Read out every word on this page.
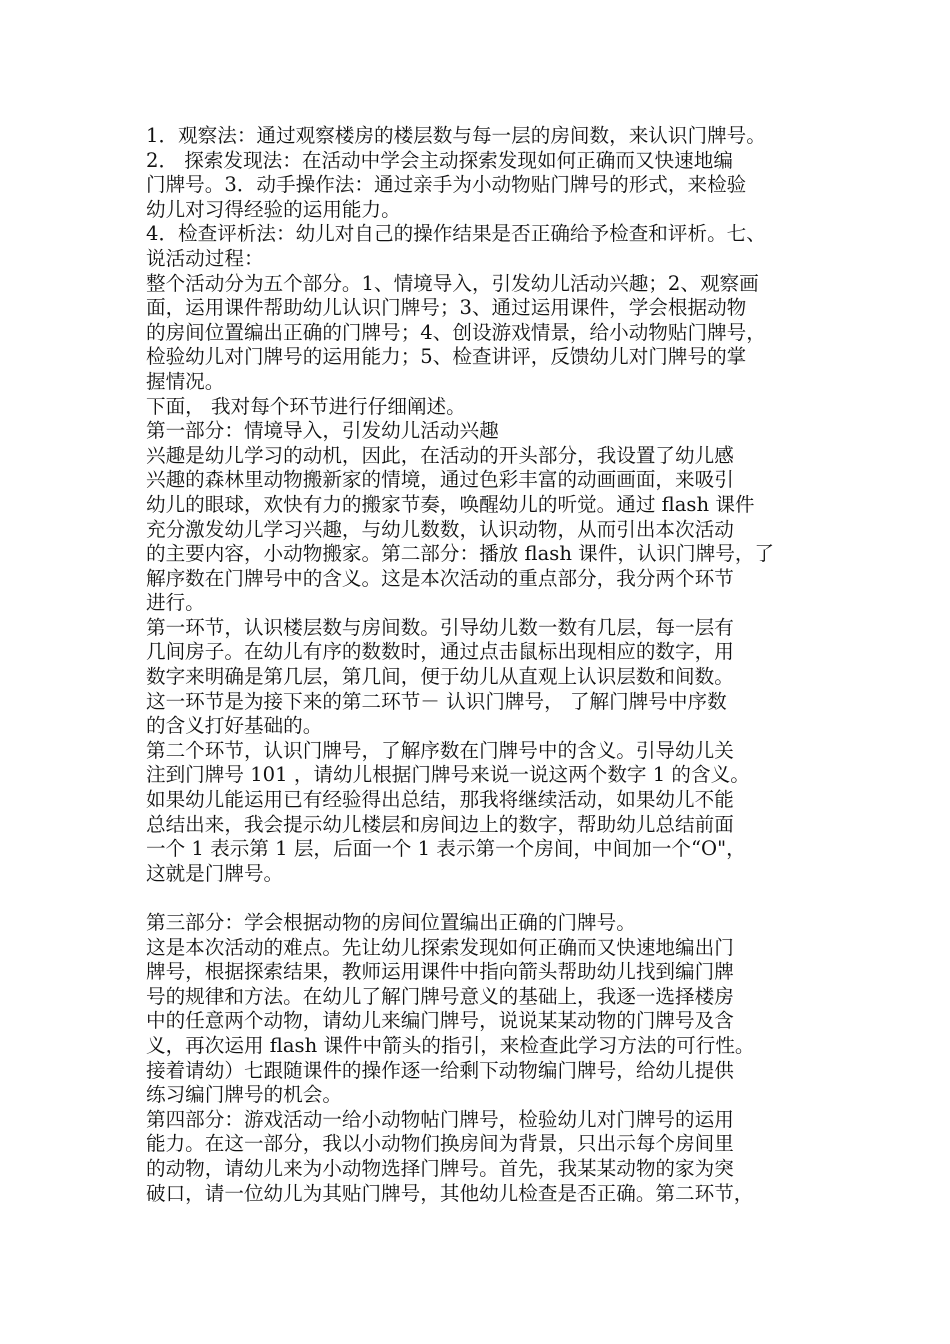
1．观察法：通过观察楼房的楼层数与每一层的房间数，来认识门牌号。
2． 探索发现法：在活动中学会主动探索发现如何正确而又快速地编
门牌号。3．动手操作法：通过亲手为小动物贴门牌号的形式，来检验
幼儿对习得经验的运用能力。
4．检查评析法：幼儿对自己的操作结果是否正确给予检查和评析。七、
说活动过程：
整个活动分为五个部分。1、情境导入，引发幼儿活动兴趣；2、观察画
面，运用课件帮助幼儿认识门牌号；3、通过运用课件，学会根据动物
的房间位置编出正确的门牌号；4、创设游戏情景，给小动物贴门牌号，
检验幼儿对门牌号的运用能力；5、检查讲评，反馈幼儿对门牌号的掌
握情况。
下面， 我对每个环节进行仔细阐述。
第一部分：情境导入，引发幼儿活动兴趣
兴趣是幼儿学习的动机，因此，在活动的开头部分，我设置了幼儿感
兴趣的森林里动物搬新家的情境，通过色彩丰富的动画画面，来吸引
幼儿的眼球，欢快有力的搬家节奏，唤醒幼儿的听觉。通过 flash 课件
充分激发幼儿学习兴趣，与幼儿数数，认识动物，从而引出本次活动
的主要内容，小动物搬家。第二部分：播放 flash 课件，认识门牌号，了
解序数在门牌号中的含义。这是本次活动的重点部分，我分两个环节
进行。
第一环节，认识楼层数与房间数。引导幼儿数一数有几层，每一层有
几间房子。在幼儿有序的数数时，通过点击鼠标出现相应的数字，用
数字来明确是第几层，第几间，便于幼儿从直观上认识层数和间数。
这一环节是为接下来的第二环节－ 认识门牌号， 了解门牌号中序数
的含义打好基础的。
第二个环节，认识门牌号，了解序数在门牌号中的含义。引导幼儿关
注到门牌号 101 ，请幼儿根据门牌号来说一说这两个数字 1 的含义。
如果幼儿能运用已有经验得出总结，那我将继续活动，如果幼儿不能
总结出来，我会提示幼儿楼层和房间边上的数字，帮助幼儿总结前面
一个 1 表示第 1 层，后面一个 1 表示第一个房间，中间加一个“O"，
这就是门牌号。
第三部分：学会根据动物的房间位置编出正确的门牌号。
这是本次活动的难点。先让幼儿探索发现如何正确而又快速地编出门
牌号，根据探索结果，教师运用课件中指向箭头帮助幼儿找到编门牌
号的规律和方法。在幼儿了解门牌号意义的基础上，我逐一选择楼房
中的任意两个动物，请幼儿来编门牌号，说说某某动物的门牌号及含
义，再次运用 flash 课件中箭头的指引，来检查此学习方法的可行性。
接着请幼）七跟随课件的操作逐一给剩下动物编门牌号，给幼儿提供
练习编门牌号的机会。
第四部分：游戏活动一给小动物帖门牌号，检验幼儿对门牌号的运用
能力。在这一部分，我以小动物们换房间为背景，只出示每个房间里
的动物，请幼儿来为小动物选择门牌号。首先，我某某动物的家为突
破口，请一位幼儿为其贴门牌号，其他幼儿检查是否正确。第二环节，
